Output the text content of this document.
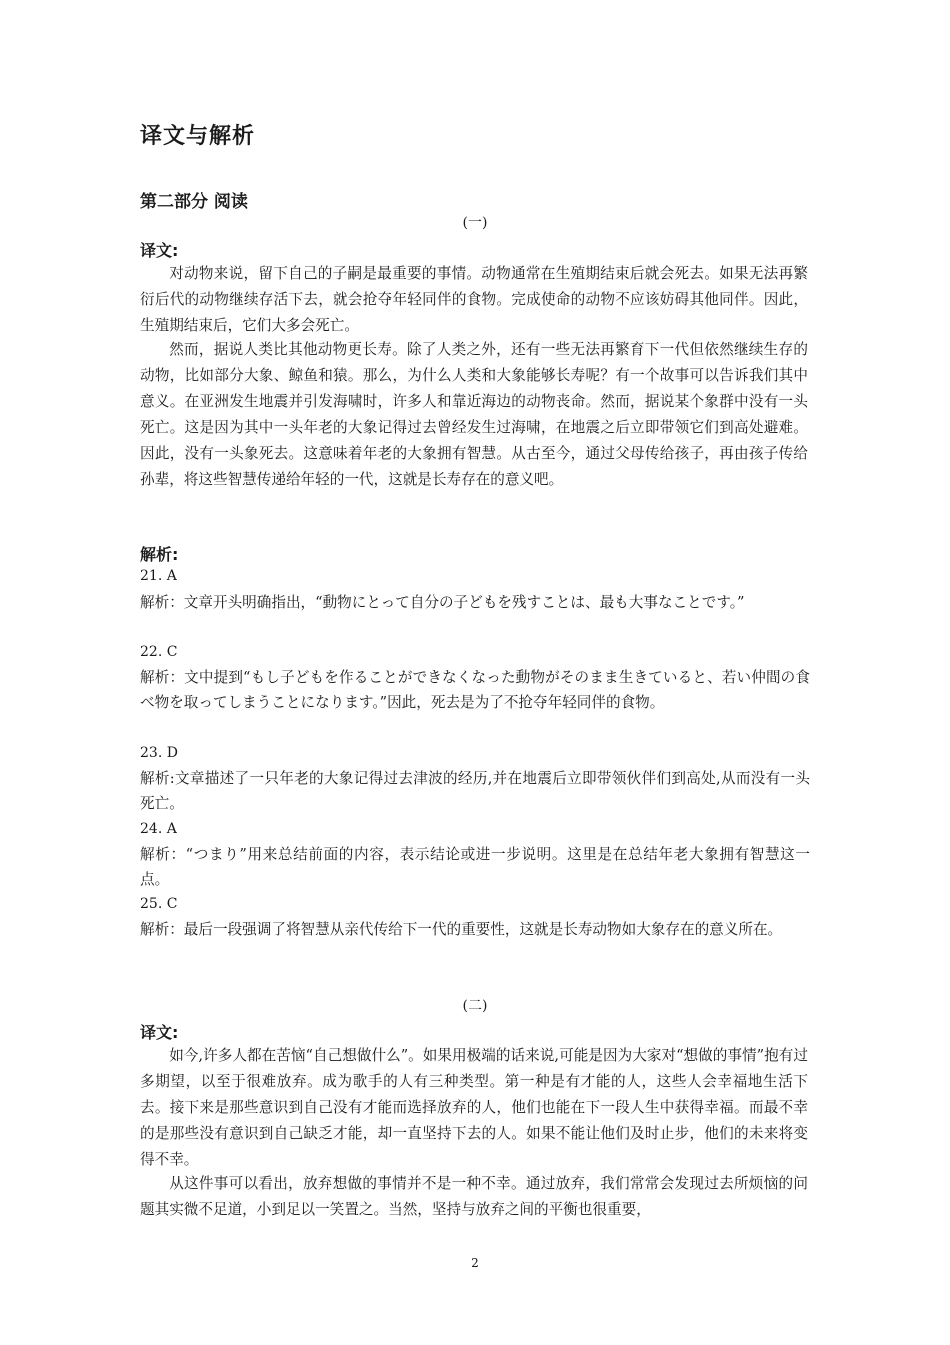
译文与解析
第二部分 阅读
(一)
译文:

对动物来说，留下自己的子嗣是最重要的事情。动物通常在生殖期结束后就会死去。如果无法再繁衍后代的动物继续存活下去，就会抢夺年轻同伴的食物。完成使命的动物不应该妨碍其他同伴。因此，生殖期结束后，它们大多会死亡。

然而，据说人类比其他动物更长寿。除了人类之外，还有一些无法再繁育下一代但依然继续生存的动物，比如部分大象、鲸鱼和猿。那么，为什么人类和大象能够长寿呢？有一个故事可以告诉我们其中意义。在亚洲发生地震并引发海啸时，许多人和靠近海边的动物丧命。然而，据说某个象群中没有一头死亡。这是因为其中一头年老的大象记得过去曾经发生过海啸，在地震之后立即带领它们到高处避难。因此，没有一头象死去。这意味着年老的大象拥有智慧。从古至今，通过父母传给孩子，再由孩子传给孙辈，将这些智慧传递给年轻的一代，这就是长寿存在的意义吧。

解析:
21. A

解析：文章开头明确指出，“動物にとって自分の子どもを残すことは、最も大事なことです。”

22. C

解析：文中提到“もし子どもを作ることができなくなった動物がそのまま生きていると、若い仲間の食べ物を取ってしまうことになります。”因此，死去是为了不抢夺年轻同伴的食物。

23. D

解析:文章描述了一只年老的大象记得过去津波的经历,并在地震后立即带领伙伴们到高处,从而没有一头死亡。

24. A

解析：“つまり”用来总结前面的内容，表示结论或进一步说明。这里是在总结年老大象拥有智慧这一点。

25. C

解析：最后一段强调了将智慧从亲代传给下一代的重要性，这就是长寿动物如大象存在的意义所在。

(二)
译文:

如今,许多人都在苦恼“自己想做什么”。如果用极端的话来说,可能是因为大家对“想做的事情”抱有过多期望，以至于很难放弃。成为歌手的人有三种类型。第一种是有才能的人，这些人会幸福地生活下去。接下来是那些意识到自己没有才能而选择放弃的人，他们也能在下一段人生中获得幸福。而最不幸的是那些没有意识到自己缺乏才能，却一直坚持下去的人。如果不能让他们及时止步，他们的未来将变得不幸。

从这件事可以看出，放弃想做的事情并不是一种不幸。通过放弃，我们常常会发现过去所烦恼的问题其实微不足道，小到足以一笑置之。当然，坚持与放弃之间的平衡也很重要，

2
